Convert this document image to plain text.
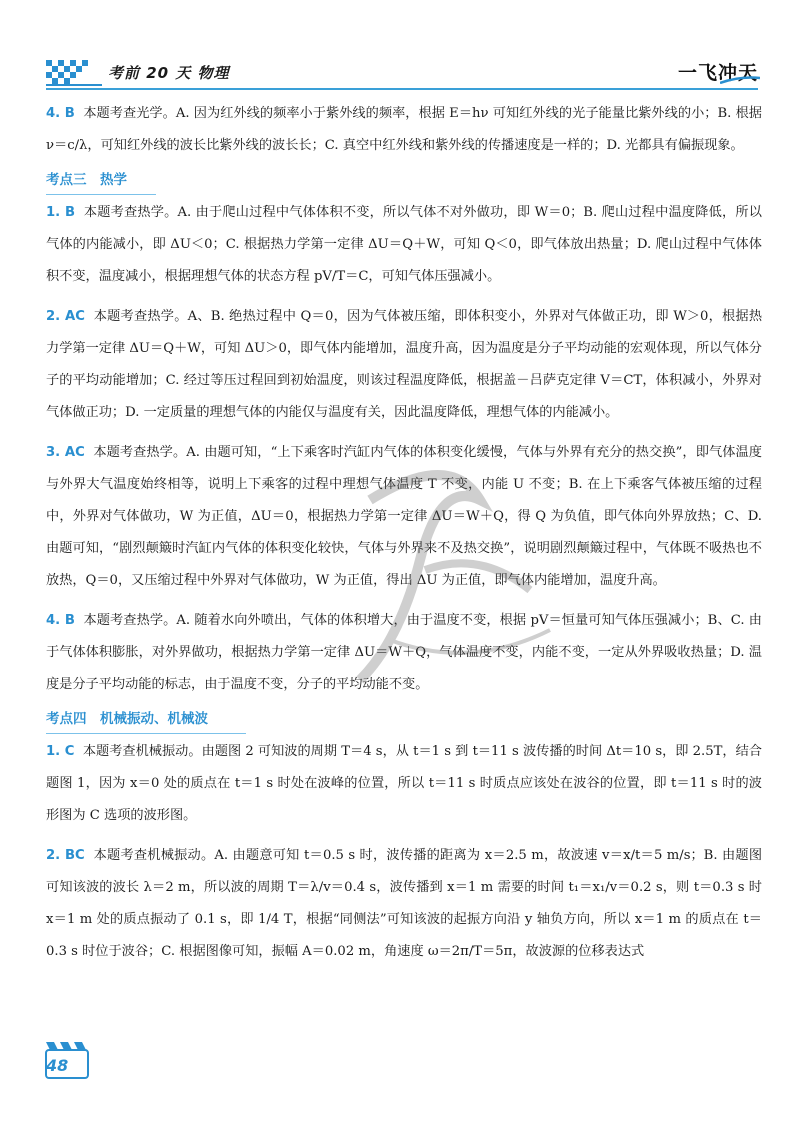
考前 20 天 物理	一飞冲天

4. B 本题考查光学。A. 因为红外线的频率小于紫外线的频率，根据 E＝hν 可知红外线的光子能量比紫外线的小；B. 根据 ν＝c/λ，可知红外线的波长比紫外线的波长长；C. 真空中红外线和紫外线的传播速度是一样的；D. 光都具有偏振现象。

考点三　热学

1. B 本题考查热学。A. 由于爬山过程中气体体积不变，所以气体不对外做功，即 W＝0；B. 爬山过程中温度降低，所以气体的内能减小，即 ΔU＜0；C. 根据热力学第一定律 ΔU＝Q＋W，可知 Q＜0，即气体放出热量；D. 爬山过程中气体体积不变，温度减小，根据理想气体的状态方程 pV/T＝C，可知气体压强减小。

2. AC 本题考查热学。A、B. 绝热过程中 Q＝0，因为气体被压缩，即体积变小，外界对气体做正功，即 W＞0，根据热力学第一定律 ΔU＝Q＋W，可知 ΔU＞0，即气体内能增加，温度升高，因为温度是分子平均动能的宏观体现，所以气体分子的平均动能增加；C. 经过等压过程回到初始温度，则该过程温度降低，根据盖－吕萨克定律 V＝CT，体积减小，外界对气体做正功；D. 一定质量的理想气体的内能仅与温度有关，因此温度降低，理想气体的内能减小。

3. AC 本题考查热学。A. 由题可知，“上下乘客时汽缸内气体的体积变化缓慢，气体与外界有充分的热交换”，即气体温度与外界大气温度始终相等，说明上下乘客的过程中理想气体温度 T 不变，内能 U 不变；B. 在上下乘客气体被压缩的过程中，外界对气体做功，W 为正值，ΔU＝0，根据热力学第一定律 ΔU＝W＋Q，得 Q 为负值，即气体向外界放热；C、D. 由题可知，“剧烈颠簸时汽缸内气体的体积变化较快，气体与外界来不及热交换”，说明剧烈颠簸过程中，气体既不吸热也不放热，Q＝0，又压缩过程中外界对气体做功，W 为正值，得出 ΔU 为正值，即气体内能增加，温度升高。

4. B 本题考查热学。A. 随着水向外喷出，气体的体积增大，由于温度不变，根据 pV＝恒量可知气体压强减小；B、C. 由于气体体积膨胀，对外界做功，根据热力学第一定律 ΔU＝W＋Q，气体温度不变，内能不变，一定从外界吸收热量；D. 温度是分子平均动能的标志，由于温度不变，分子的平均动能不变。

考点四　机械振动、机械波

1. C 本题考查机械振动。由题图 2 可知波的周期 T＝4 s，从 t＝1 s 到 t＝11 s 波传播的时间 Δt＝10 s，即 2.5T，结合题图 1，因为 x＝0 处的质点在 t＝1 s 时处在波峰的位置，所以 t＝11 s 时质点应该处在波谷的位置，即 t＝11 s 时的波形图为 C 选项的波形图。

2. BC 本题考查机械振动。A. 由题意可知 t＝0.5 s 时，波传播的距离为 x＝2.5 m，故波速 v＝x/t＝5 m/s；B. 由题图可知该波的波长 λ＝2 m，所以波的周期 T＝λ/v＝0.4 s，波传播到 x＝1 m 需要的时间 t₁＝x₁/v＝0.2 s，则 t＝0.3 s 时 x＝1 m 处的质点振动了 0.1 s，即 1/4 T，根据“同侧法”可知该波的起振方向沿 y 轴负方向，所以 x＝1 m 的质点在 t＝0.3 s 时位于波谷；C. 根据图像可知，振幅 A＝0.02 m，角速度 ω＝2π/T＝5π，故波源的位移表达式

48
